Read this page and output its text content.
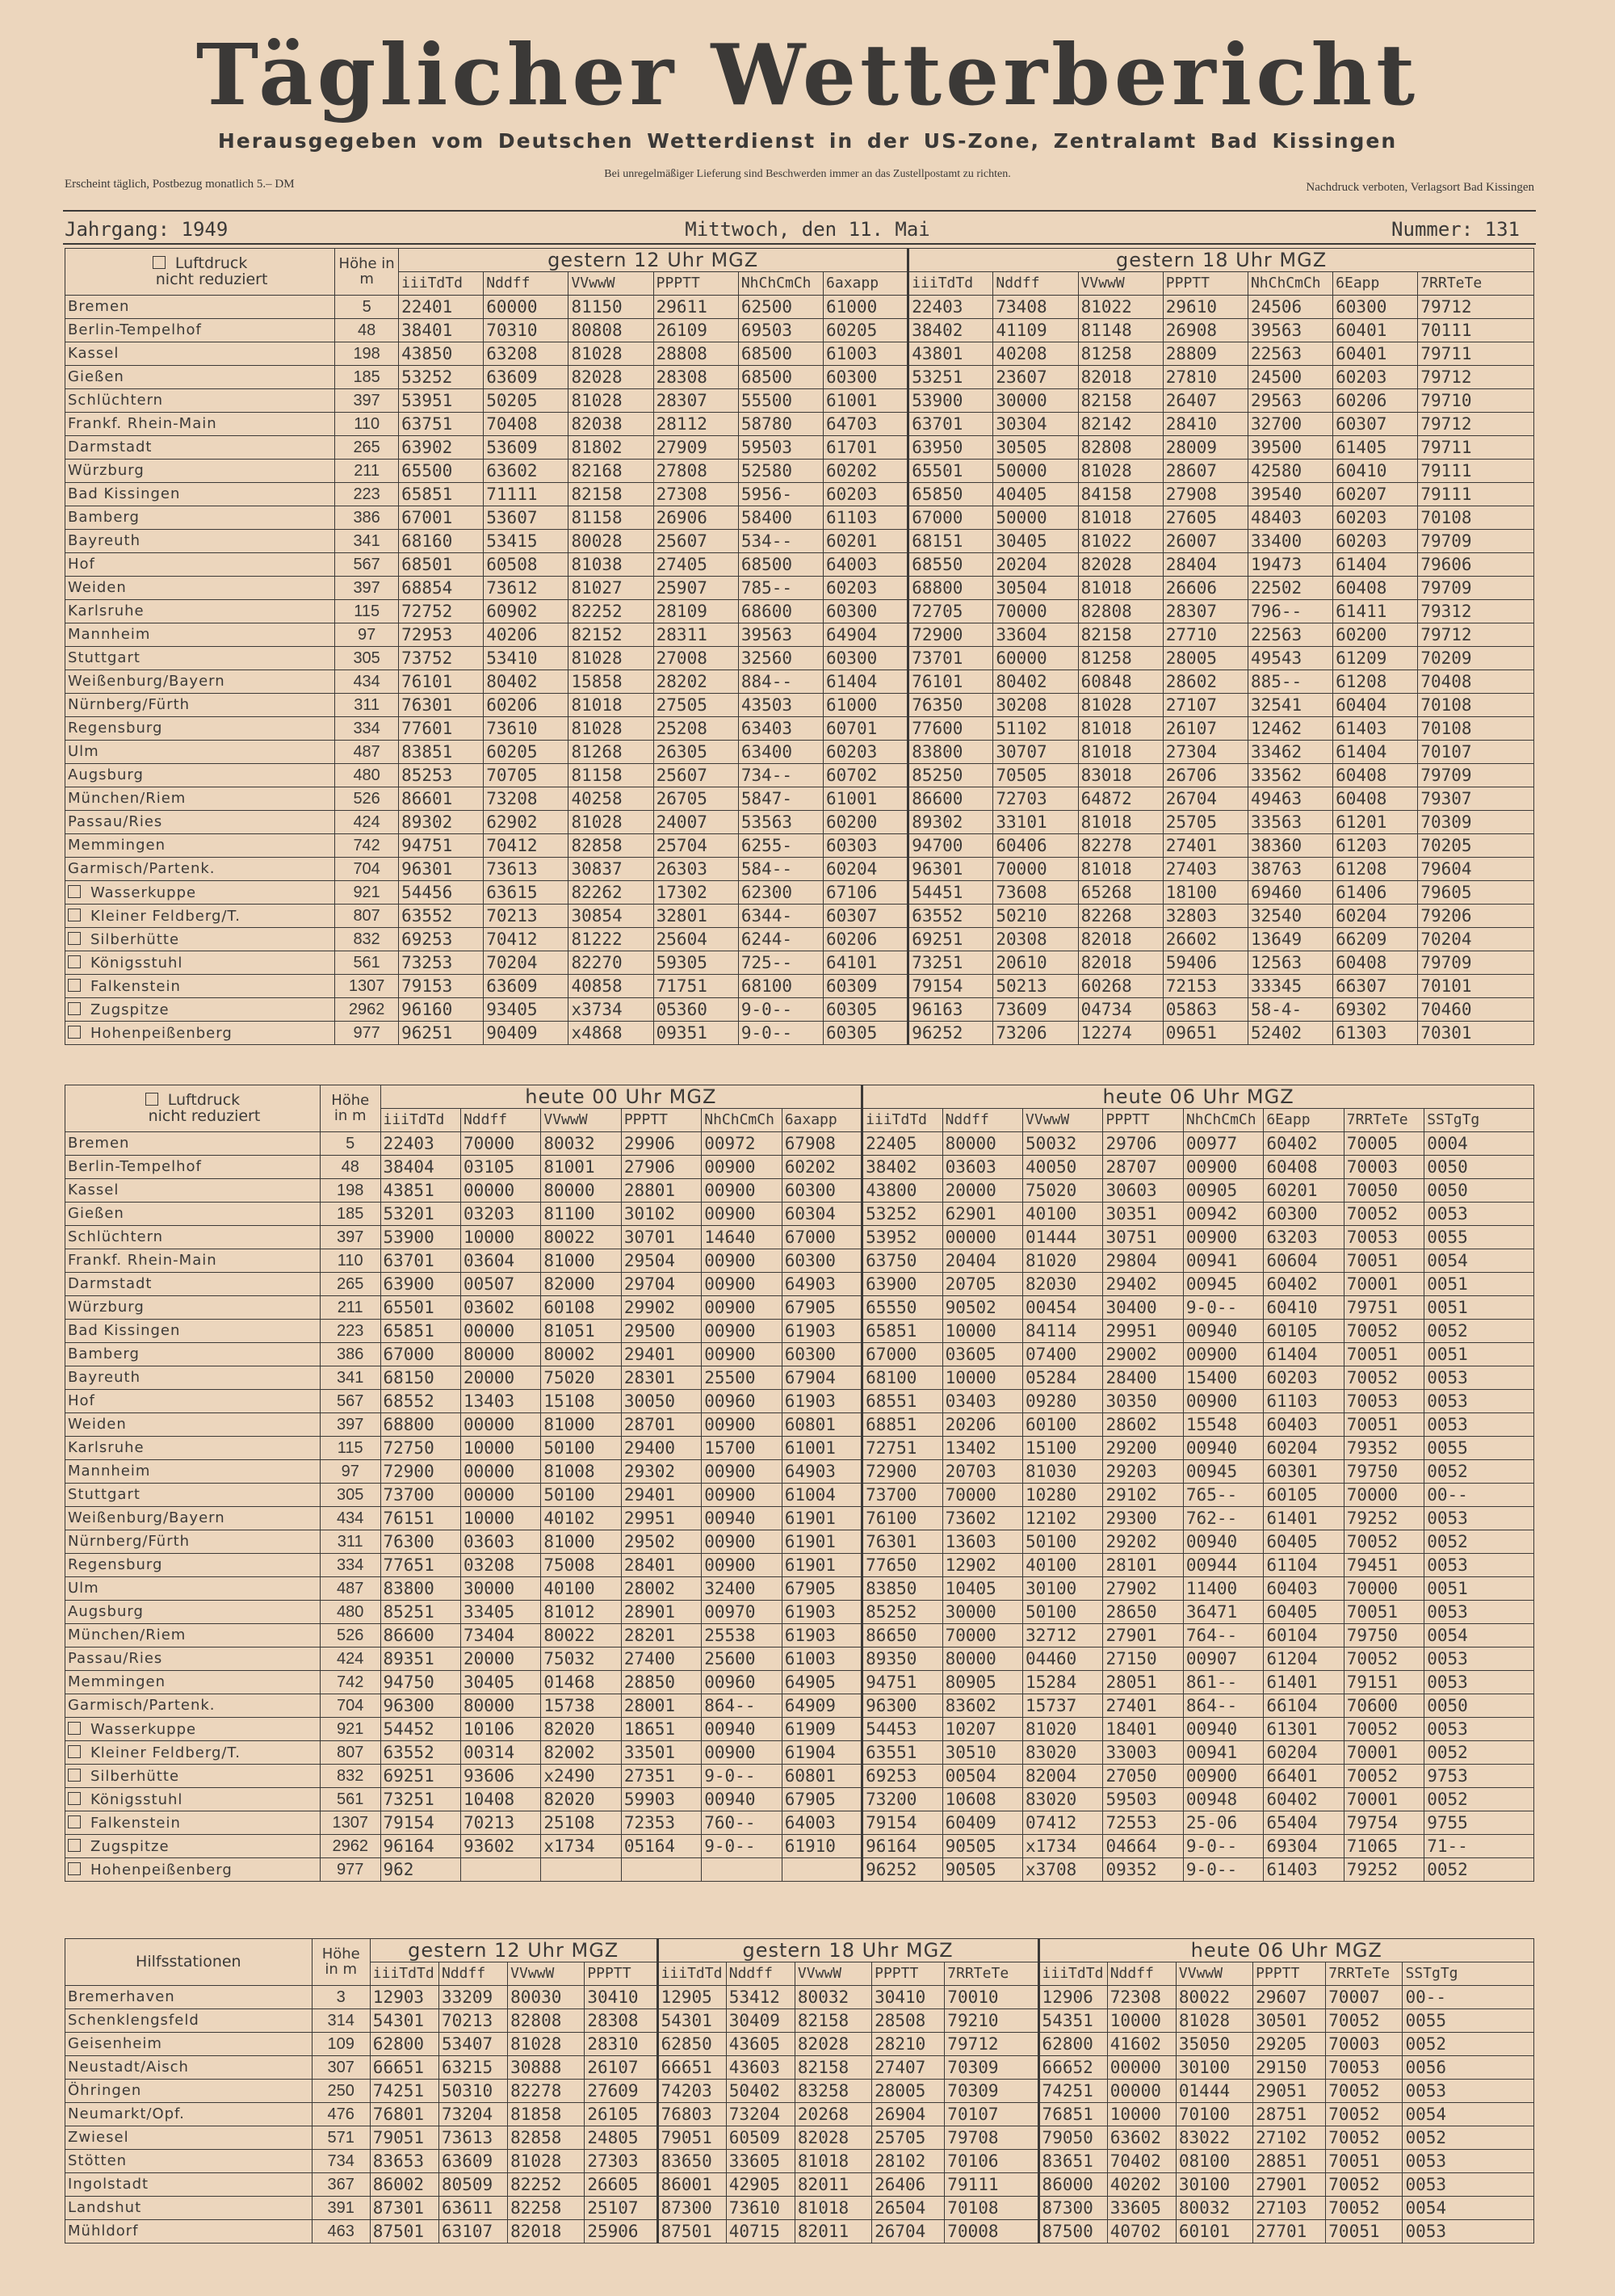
Täglicher Wetterbericht
Herausgegeben vom Deutschen Wetterdienst in der US-Zone, Zentralamt Bad Kissingen
Erscheint täglich, Postbezug monatlich 5.– DM
Bei unregelmäßiger Lieferung sind Beschwerden immer an das Zustellpostamt zu richten.
Nachdruck verboten, Verlagsort Bad Kissingen
Jahrgang: 1949	Mittwoch, den 11. Mai	Nummer: 131
Luftdruck
nicht reduziert	Höhe in m	gestern 12 Uhr MGZ						gestern 18 Uhr MGZ						
		iiiTdTd	Nddff	VVwwW	PPPTT	NhChCmCh	6axapp	iiiTdTd	Nddff	VVwwW	PPPTT	NhChCmCh	6Eapp	7RRTeTe
Bremen	5	22401	60000	81150	29611	62500	61000	22403	73408	81022	29610	24506	60300	79712
Berlin-Tempelhof	48	38401	70310	80808	26109	69503	60205	38402	41109	81148	26908	39563	60401	70111
Kassel	198	43850	63208	81028	28808	68500	61003	43801	40208	81258	28809	22563	60401	79711
Gießen	185	53252	63609	82028	28308	68500	60300	53251	23607	82018	27810	24500	60203	79712
Schlüchtern	397	53951	50205	81028	28307	55500	61001	53900	30000	82158	26407	29563	60206	79710
Frankf. Rhein-Main	110	63751	70408	82038	28112	58780	64703	63701	30304	82142	28410	32700	60307	79712
Darmstadt	265	63902	53609	81802	27909	59503	61701	63950	30505	82808	28009	39500	61405	79711
Würzburg	211	65500	63602	82168	27808	52580	60202	65501	50000	81028	28607	42580	60410	79111
Bad Kissingen	223	65851	71111	82158	27308	5956-	60203	65850	40405	84158	27908	39540	60207	79111
Bamberg	386	67001	53607	81158	26906	58400	61103	67000	50000	81018	27605	48403	60203	70108
Bayreuth	341	68160	53415	80028	25607	534--	60201	68151	30405	81022	26007	33400	60203	79709
Hof	567	68501	60508	81038	27405	68500	64003	68550	20204	82028	28404	19473	61404	79606
Weiden	397	68854	73612	81027	25907	785--	60203	68800	30504	81018	26606	22502	60408	79709
Karlsruhe	115	72752	60902	82252	28109	68600	60300	72705	70000	82808	28307	796--	61411	79312
Mannheim	97	72953	40206	82152	28311	39563	64904	72900	33604	82158	27710	22563	60200	79712
Stuttgart	305	73752	53410	81028	27008	32560	60300	73701	60000	81258	28005	49543	61209	70209
Weißenburg/Bayern	434	76101	80402	15858	28202	884--	61404	76101	80402	60848	28602	885--	61208	70408
Nürnberg/Fürth	311	76301	60206	81018	27505	43503	61000	76350	30208	81028	27107	32541	60404	70108
Regensburg	334	77601	73610	81028	25208	63403	60701	77600	51102	81018	26107	12462	61403	70108
Ulm	487	83851	60205	81268	26305	63400	60203	83800	30707	81018	27304	33462	61404	70107
Augsburg	480	85253	70705	81158	25607	734--	60702	85250	70505	83018	26706	33562	60408	79709
München/Riem	526	86601	73208	40258	26705	5847-	61001	86600	72703	64872	26704	49463	60408	79307
Passau/Ries	424	89302	62902	81028	24007	53563	60200	89302	33101	81018	25705	33563	61201	70309
Memmingen	742	94751	70412	82858	25704	6255-	60303	94700	60406	82278	27401	38360	61203	70205
Garmisch/Partenk.	704	96301	73613	30837	26303	584--	60204	96301	70000	81018	27403	38763	61208	79604
Wasserkuppe	921	54456	63615	82262	17302	62300	67106	54451	73608	65268	18100	69460	61406	79605
Kleiner Feldberg/T.	807	63552	70213	30854	32801	6344-	60307	63552	50210	82268	32803	32540	60204	79206
Silberhütte	832	69253	70412	81222	25604	6244-	60206	69251	20308	82018	26602	13649	66209	70204
Königsstuhl	561	73253	70204	82270	59305	725--	64101	73251	20610	82018	59406	12563	60408	79709
Falkenstein	1307	79153	63609	40858	71751	68100	60309	79154	50213	60268	72153	33345	66307	70101
Zugspitze	2962	96160	93405	x3734	05360	9-0--	60305	96163	73609	04734	05863	58-4-	69302	70460
Hohenpeißenberg	977	96251	90409	x4868	09351	9-0--	60305	96252	73206	12274	09651	52402	61303	70301
Luftdruck
nicht reduziert	Höhe in m	heute 00 Uhr MGZ						heute 06 Uhr MGZ							
		iiiTdTd	Nddff	VVwwW	PPPTT	NhChCmCh	6axapp	iiiTdTd	Nddff	VVwwW	PPPTT	NhChCmCh	6Eapp	7RRTeTe	SSTgTg
Bremen	5	22403	70000	80032	29906	00972	67908	22405	80000	50032	29706	00977	60402	70005	0004
Berlin-Tempelhof	48	38404	03105	81001	27906	00900	60202	38402	03603	40050	28707	00900	60408	70003	0050
Kassel	198	43851	00000	80000	28801	00900	60300	43800	20000	75020	30603	00905	60201	70050	0050
Gießen	185	53201	03203	81100	30102	00900	60304	53252	62901	40100	30351	00942	60300	70052	0053
Schlüchtern	397	53900	10000	80022	30701	14640	67000	53952	00000	01444	30751	00900	63203	70053	0055
Frankf. Rhein-Main	110	63701	03604	81000	29504	00900	60300	63750	20404	81020	29804	00941	60604	70051	0054
Darmstadt	265	63900	00507	82000	29704	00900	64903	63900	20705	82030	29402	00945	60402	70001	0051
Würzburg	211	65501	03602	60108	29902	00900	67905	65550	90502	00454	30400	9-0--	60410	79751	0051
Bad Kissingen	223	65851	00000	81051	29500	00900	61903	65851	10000	84114	29951	00940	60105	70052	0052
Bamberg	386	67000	80000	80002	29401	00900	60300	67000	03605	07400	29002	00900	61404	70051	0051
Bayreuth	341	68150	20000	75020	28301	25500	67904	68100	10000	05284	28400	15400	60203	70052	0053
Hof	567	68552	13403	15108	30050	00960	61903	68551	03403	09280	30350	00900	61103	70053	0053
Weiden	397	68800	00000	81000	28701	00900	60801	68851	20206	60100	28602	15548	60403	70051	0053
Karlsruhe	115	72750	10000	50100	29400	15700	61001	72751	13402	15100	29200	00940	60204	79352	0055
Mannheim	97	72900	00000	81008	29302	00900	64903	72900	20703	81030	29203	00945	60301	79750	0052
Stuttgart	305	73700	00000	50100	29401	00900	61004	73700	70000	10280	29102	765--	60105	70000	00--
Weißenburg/Bayern	434	76151	10000	40102	29951	00940	61901	76100	73602	12102	29300	762--	61401	79252	0053
Nürnberg/Fürth	311	76300	03603	81000	29502	00900	61901	76301	13603	50100	29202	00940	60405	70052	0052
Regensburg	334	77651	03208	75008	28401	00900	61901	77650	12902	40100	28101	00944	61104	79451	0053
Ulm	487	83800	30000	40100	28002	32400	67905	83850	10405	30100	27902	11400	60403	70000	0051
Augsburg	480	85251	33405	81012	28901	00970	61903	85252	30000	50100	28650	36471	60405	70051	0053
München/Riem	526	86600	73404	80022	28201	25538	61903	86650	70000	32712	27901	764--	60104	79750	0054
Passau/Ries	424	89351	20000	75032	27400	25600	61003	89350	80000	04460	27150	00907	61204	70052	0053
Memmingen	742	94750	30405	01468	28850	00960	64905	94751	80905	15284	28051	861--	61401	79151	0053
Garmisch/Partenk.	704	96300	80000	15738	28001	864--	64909	96300	83602	15737	27401	864--	66104	70600	0050
Wasserkuppe	921	54452	10106	82020	18651	00940	61909	54453	10207	81020	18401	00940	61301	70052	0053
Kleiner Feldberg/T.	807	63552	00314	82002	33501	00900	61904	63551	30510	83020	33003	00941	60204	70001	0052
Silberhütte	832	69251	93606	x2490	27351	9-0--	60801	69253	00504	82004	27050	00900	66401	70052	9753
Königsstuhl	561	73251	10408	82020	59903	00940	67905	73200	10608	83020	59503	00948	60402	70001	0052
Falkenstein	1307	79154	70213	25108	72353	760--	64003	79154	60409	07412	72553	25-06	65404	79754	9755
Zugspitze	2962	96164	93602	x1734	05164	9-0--	61910	96164	90505	x1734	04664	9-0--	69304	71065	71--
Hohenpeißenberg	977	962						96252	90505	x3708	09352	9-0--	61403	79252	0052
Hilfsstationen	Höhe in m	gestern 12 Uhr MGZ				gestern 18 Uhr MGZ					heute 06 Uhr MGZ					
		iiiTdTd	Nddff	VVwwW	PPPTT	iiiTdTd	Nddff	VVwwW	PPPTT	7RRTeTe	iiiTdTd	Nddff	VVwwW	PPPTT	7RRTeTe	SSTgTg
Bremerhaven	3	12903	33209	80030	30410	12905	53412	80032	30410	70010	12906	72308	80022	29607	70007	00--
Schenklengsfeld	314	54301	70213	82808	28308	54301	30409	82158	28508	79210	54351	10000	81028	30501	70052	0055
Geisenheim	109	62800	53407	81028	28310	62850	43605	82028	28210	79712	62800	41602	35050	29205	70003	0052
Neustadt/Aisch	307	66651	63215	30888	26107	66651	43603	82158	27407	70309	66652	00000	30100	29150	70053	0056
Öhringen	250	74251	50310	82278	27609	74203	50402	83258	28005	70309	74251	00000	01444	29051	70052	0053
Neumarkt/Opf.	476	76801	73204	81858	26105	76803	73204	20268	26904	70107	76851	10000	70100	28751	70052	0054
Zwiesel	571	79051	73613	82858	24805	79051	60509	82028	25705	79708	79050	63602	83022	27102	70052	0052
Stötten	734	83653	63609	81028	27303	83650	33605	81018	28102	70106	83651	70402	08100	28851	70051	0053
Ingolstadt	367	86002	80509	82252	26605	86001	42905	82011	26406	79111	86000	40202	30100	27901	70052	0053
Landshut	391	87301	63611	82258	25107	87300	73610	81018	26504	70108	87300	33605	80032	27103	70052	0054
Mühldorf	463	87501	63107	82018	25906	87501	40715	82011	26704	70008	87500	40702	60101	27701	70051	0053
